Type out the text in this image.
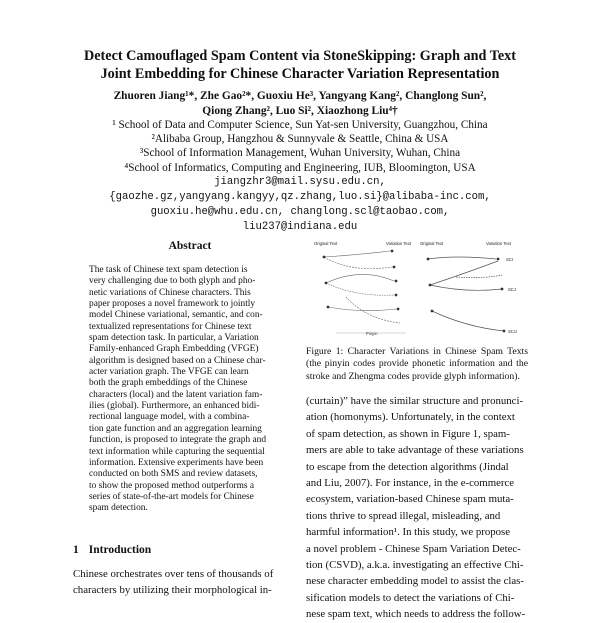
Detect Camouflaged Spam Content via StoneSkipping: Graph and Text
Joint Embedding for Chinese Character Variation Representation
Zhuoren Jiang¹*, Zhe Gao²*, Guoxiu He³, Yangyang Kang², Changlong Sun²,
Qiong Zhang², Luo Si², Xiaozhong Liu⁴†
¹ School of Data and Computer Science, Sun Yat-sen University, Guangzhou, China
²Alibaba Group, Hangzhou & Sunnyvale & Seattle, China & USA
³School of Information Management, Wuhan University, Wuhan, China
⁴School of Informatics, Computing and Engineering, IUB, Bloomington, USA
jiangzhr3@mail.sysu.edu.cn,
{gaozhe.gz,yangyang.kangyy,qz.zhang,luo.si}@alibaba-inc.com,
guoxiu.he@whu.edu.cn, changlong.scl@taobao.com,
liu237@indiana.edu
Abstract
The task of Chinese text spam detection is
very challenging due to both glyph and pho-
netic variations of Chinese characters. This
paper proposes a novel framework to jointly
model Chinese variational, semantic, and con-
textualized representations for Chinese text
spam detection task. In particular, a Variation
Family-enhanced Graph Embedding (VFGE)
algorithm is designed based on a Chinese char-
acter variation graph. The VFGE can learn
both the graph embeddings of the Chinese
characters (local) and the latent variation fam-
ilies (global). Furthermore, an enhanced bidi-
rectional language model, with a combina-
tion gate function and an aggregation learning
function, is proposed to integrate the graph and
text information while capturing the sequential
information. Extensive experiments have been
conducted on both SMS and review datasets,
to show the proposed method outperforms a
series of state-of-the-art models for Chinese
spam detection.
1 Introduction
Chinese orchestrates over tens of thousands of
characters by utilizing their morphological in-
Original Text	Variation Text
Pinyin
Original Text	Variation Text
SCI
SCJ
SCU
Figure 1: Character Variations in Chinese Spam Texts (the pinyin codes provide phonetic information and the stroke and Zhengma codes provide glyph information).
(curtain)” have the similar structure and pronunci-
ation (homonyms). Unfortunately, in the context
of spam detection, as shown in Figure 1, spam-
mers are able to take advantage of these variations
to escape from the detection algorithms (Jindal
and Liu, 2007). For instance, in the e-commerce
ecosystem, variation-based Chinese spam muta-
tions thrive to spread illegal, misleading, and
harmful information¹. In this study, we propose
a novel problem - Chinese Spam Variation Detec-
tion (CSVD), a.k.a. investigating an effective Chi-
nese character embedding model to assist the clas-
sification models to detect the variations of Chi-
nese spam text, which needs to address the follow-
